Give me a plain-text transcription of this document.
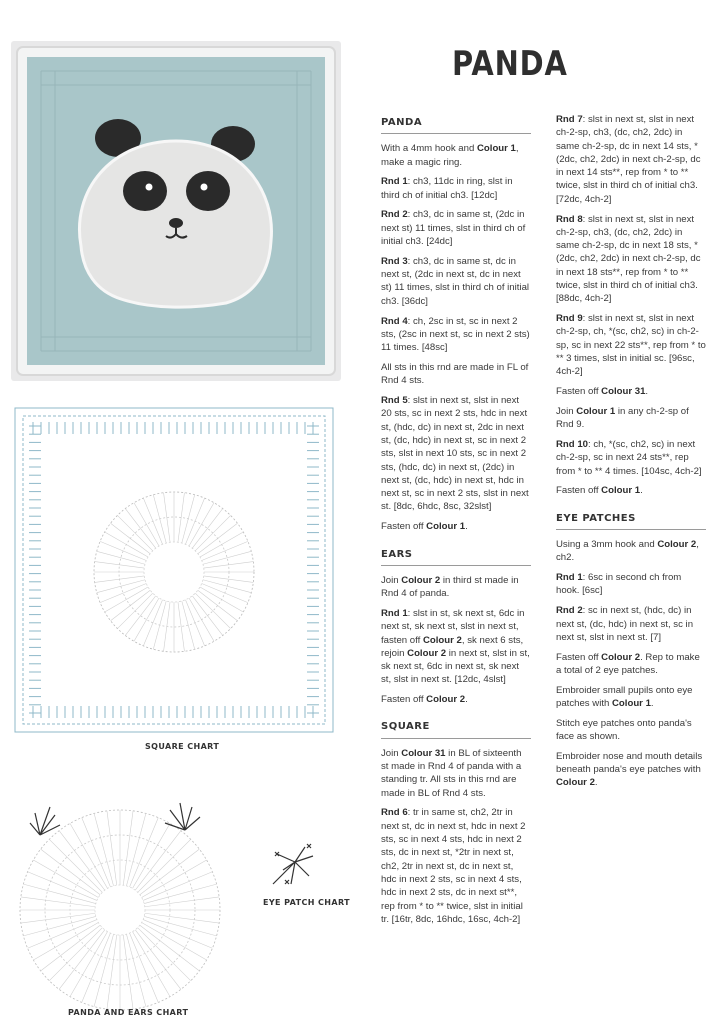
PANDA
SQUARE CHART
PANDA AND EARS CHART
EYE PATCH CHART
PANDA

With a 4mm hook and Colour 1, make a magic ring.

Rnd 1: ch3, 11dc in ring, slst in third ch of initial ch3. [12dc]

Rnd 2: ch3, dc in same st, (2dc in next st) 11 times, slst in third ch of initial ch3. [24dc]

Rnd 3: ch3, dc in same st, dc in next st, (2dc in next st, dc in next st) 11 times, slst in third ch of initial ch3. [36dc]

Rnd 4: ch, 2sc in st, sc in next 2 sts, (2sc in next st, sc in next 2 sts) 11 times. [48sc]

All sts in this rnd are made in FL of Rnd 4 sts.

Rnd 5: slst in next st, slst in next 20 sts, sc in next 2 sts, hdc in next st, (hdc, dc) in next st, 2dc in next st, (dc, hdc) in next st, sc in next 2 sts, slst in next 10 sts, sc in next 2 sts, (hdc, dc) in next st, (2dc) in next st, (dc, hdc) in next st, hdc in next st, sc in next 2 sts, slst in next st. [8dc, 6hdc, 8sc, 32slst]

Fasten off Colour 1.

EARS

Join Colour 2 in third st made in Rnd 4 of panda.

Rnd 1: slst in st, sk next st, 6dc in next st, sk next st, slst in next st, fasten off Colour 2, sk next 6 sts, rejoin Colour 2 in next st, slst in st, sk next st, 6dc in next st, sk next st, slst in next st. [12dc, 4slst]

Fasten off Colour 2.

SQUARE

Join Colour 31 in BL of sixteenth st made in Rnd 4 of panda with a standing tr. All sts in this rnd are made in BL of Rnd 4 sts.

Rnd 6: tr in same st, ch2, 2tr in next st, dc in next st, hdc in next 2 sts, sc in next 4 sts, hdc in next 2 sts, dc in next st, *2tr in next st, ch2, 2tr in next st, dc in next st, hdc in next 2 sts, sc in next 4 sts, hdc in next 2 sts, dc in next st**, rep from * to ** twice, slst in initial tr. [16tr, 8dc, 16hdc, 16sc, 4ch-2]

Rnd 7: slst in next st, slst in next ch-2-sp, ch3, (dc, ch2, 2dc) in same ch-2-sp, dc in next 14 sts, *(2dc, ch2, 2dc) in next ch-2-sp, dc in next 14 sts**, rep from * to ** twice, slst in third ch of initial ch3. [72dc, 4ch-2]

Rnd 8: slst in next st, slst in next ch-2-sp, ch3, (dc, ch2, 2dc) in same ch-2-sp, dc in next 18 sts, *(2dc, ch2, 2dc) in next ch-2-sp, dc in next 18 sts**, rep from * to ** twice, slst in third ch of initial ch3. [88dc, 4ch-2]

Rnd 9: slst in next st, slst in next ch-2-sp, ch, *(sc, ch2, sc) in ch-2-sp, sc in next 22 sts**, rep from * to ** 3 times, slst in initial sc. [96sc, 4ch-2]

Fasten off Colour 31.

Join Colour 1 in any ch-2-sp of Rnd 9.

Rnd 10: ch, *(sc, ch2, sc) in next ch-2-sp, sc in next 24 sts**, rep from * to ** 4 times. [104sc, 4ch-2]

Fasten off Colour 1.

EYE PATCHES

Using a 3mm hook and Colour 2, ch2.

Rnd 1: 6sc in second ch from hook. [6sc]

Rnd 2: sc in next st, (hdc, dc) in next st, (dc, hdc) in next st, sc in next st, slst in next st. [7]

Fasten off Colour 2. Rep to make a total of 2 eye patches.

Embroider small pupils onto eye patches with Colour 1.

Stitch eye patches onto panda's face as shown.

Embroider nose and mouth details beneath panda's eye patches with Colour 2.
